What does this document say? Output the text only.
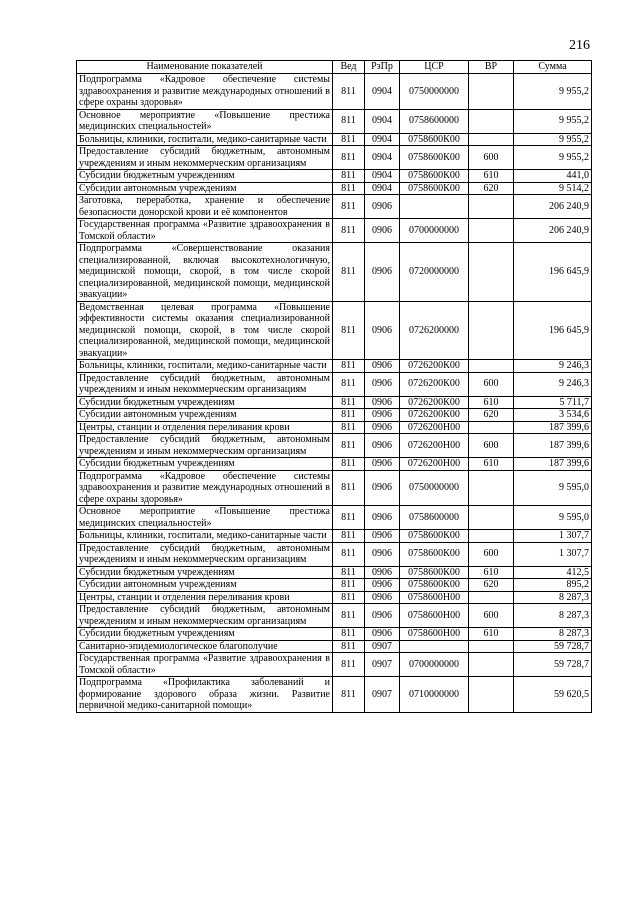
216
Наименование показателей	Вед	РзПр	ЦСР	ВР	Сумма
Подпрограмма «Кадровое обеспечение системы здравоохранения и развитие международных отношений в сфере охраны здоровья»	811	0904	0750000000		9 955,2
Основное мероприятие «Повышение престижа медицинских специальностей»	811	0904	0758600000		9 955,2
Больницы, клиники, госпитали, медико-санитарные части	811	0904	0758600К00		9 955,2
Предоставление субсидий бюджетным, автономным учреждениям и иным некоммерческим организациям	811	0904	0758600К00	600	9 955,2
Субсидии бюджетным учреждениям	811	0904	0758600К00	610	441,0
Субсидии автономным учреждениям	811	0904	0758600К00	620	9 514,2
Заготовка, переработка, хранение и обеспечение безопасности донорской крови и её компонентов	811	0906			206 240,9
Государственная программа «Развитие здравоохранения в Томской области»	811	0906	0700000000		206 240,9
Подпрограмма «Совершенствование оказания специализированной, включая высокотехнологичную, медицинской помощи, скорой, в том числе скорой специализированной, медицинской помощи, медицинской эвакуации»	811	0906	0720000000		196 645,9
Ведомственная целевая программа «Повышение эффективности системы оказания специализированной медицинской помощи, скорой, в том числе скорой специализированной, медицинской помощи, медицинской эвакуации»	811	0906	0726200000		196 645,9
Больницы, клиники, госпитали, медико-санитарные части	811	0906	0726200К00		9 246,3
Предоставление субсидий бюджетным, автономным учреждениям и иным некоммерческим организациям	811	0906	0726200К00	600	9 246,3
Субсидии бюджетным учреждениям	811	0906	0726200К00	610	5 711,7
Субсидии автономным учреждениям	811	0906	0726200К00	620	3 534,6
Центры, станции и отделения переливания крови	811	0906	0726200Н00		187 399,6
Предоставление субсидий бюджетным, автономным учреждениям и иным некоммерческим организациям	811	0906	0726200Н00	600	187 399,6
Субсидии бюджетным учреждениям	811	0906	0726200Н00	610	187 399,6
Подпрограмма «Кадровое обеспечение системы здравоохранения и развитие международных отношений в сфере охраны здоровья»	811	0906	0750000000		9 595,0
Основное мероприятие «Повышение престижа медицинских специальностей»	811	0906	0758600000		9 595,0
Больницы, клиники, госпитали, медико-санитарные части	811	0906	0758600К00		1 307,7
Предоставление субсидий бюджетным, автономным учреждениям и иным некоммерческим организациям	811	0906	0758600К00	600	1 307,7
Субсидии бюджетным учреждениям	811	0906	0758600К00	610	412,5
Субсидии автономным учреждениям	811	0906	0758600К00	620	895,2
Центры, станции и отделения переливания крови	811	0906	0758600Н00		8 287,3
Предоставление субсидий бюджетным, автономным учреждениям и иным некоммерческим организациям	811	0906	0758600Н00	600	8 287,3
Субсидии бюджетным учреждениям	811	0906	0758600Н00	610	8 287,3
Санитарно-эпидемиологическое благополучие	811	0907			59 728,7
Государственная программа «Развитие здравоохранения в Томской области»	811	0907	0700000000		59 728,7
Подпрограмма «Профилактика заболеваний и формирование здорового образа жизни. Развитие первичной медико-санитарной помощи»	811	0907	0710000000		59 620,5
